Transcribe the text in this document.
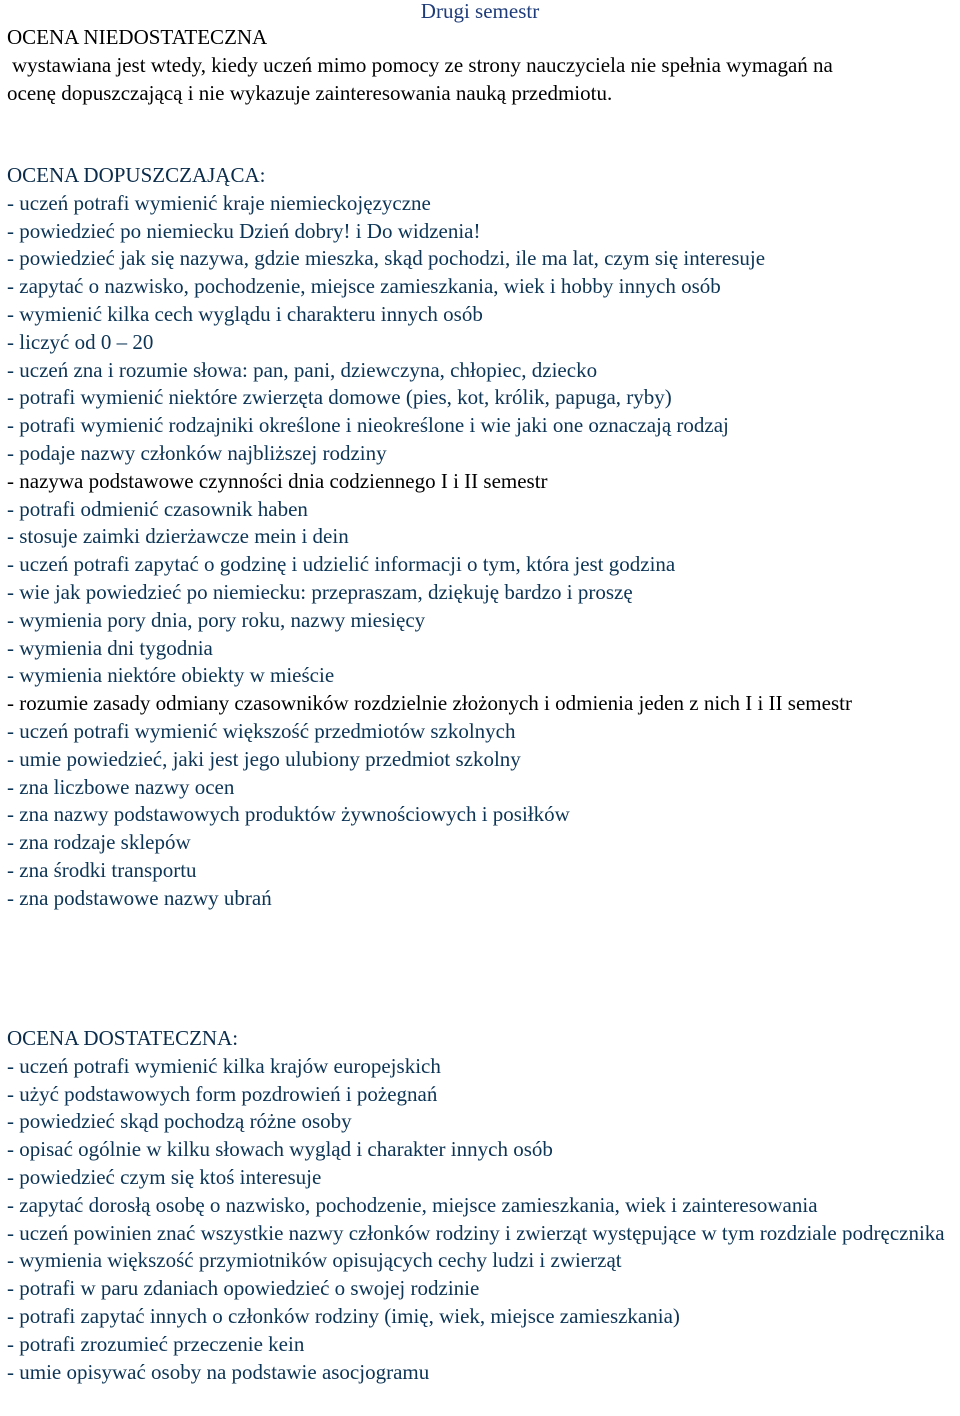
Drugi semestr
OCENA NIEDOSTATECZNA
wystawiana jest wtedy, kiedy uczeń mimo pomocy ze strony nauczyciela nie spełnia wymagań na
ocenę dopuszczającą i nie wykazuje zainteresowania nauką przedmiotu.
OCENA DOPUSZCZAJĄCA:
- uczeń potrafi wymienić kraje niemieckojęzyczne
- powiedzieć po niemiecku Dzień dobry! i Do widzenia!
- powiedzieć jak się nazywa, gdzie mieszka, skąd pochodzi, ile ma lat, czym się interesuje
- zapytać o nazwisko, pochodzenie, miejsce zamieszkania, wiek i hobby innych osób
- wymienić kilka cech wyglądu i charakteru innych osób
- liczyć od 0 – 20
- uczeń zna i rozumie słowa: pan, pani, dziewczyna, chłopiec, dziecko
- potrafi wymienić niektóre zwierzęta domowe (pies, kot, królik, papuga, ryby)
- potrafi wymienić rodzajniki określone i nieokreślone i wie jaki one oznaczają rodzaj
- podaje nazwy członków najbliższej rodziny
- nazywa podstawowe czynności dnia codziennego I i II semestr
- potrafi odmienić czasownik haben
- stosuje zaimki dzierżawcze mein i dein
- uczeń potrafi zapytać o godzinę i udzielić informacji o tym, która jest godzina
- wie jak powiedzieć po niemiecku: przepraszam, dziękuję bardzo i proszę
- wymienia pory dnia, pory roku, nazwy miesięcy
- wymienia dni tygodnia
- wymienia niektóre obiekty w mieście
- rozumie zasady odmiany czasowników rozdzielnie złożonych i odmienia jeden z nich I i II semestr
- uczeń potrafi wymienić większość przedmiotów szkolnych
- umie powiedzieć, jaki jest jego ulubiony przedmiot szkolny
- zna liczbowe nazwy ocen
- zna nazwy podstawowych produktów żywnościowych i posiłków
- zna rodzaje sklepów
- zna środki transportu
- zna podstawowe nazwy ubrań
OCENA DOSTATECZNA:
- uczeń potrafi wymienić kilka krajów europejskich
- użyć podstawowych form pozdrowień i pożegnań
- powiedzieć skąd pochodzą różne osoby
- opisać ogólnie w kilku słowach wygląd i charakter innych osób
- powiedzieć czym się ktoś interesuje
- zapytać dorosłą osobę o nazwisko, pochodzenie, miejsce zamieszkania, wiek i zainteresowania
- uczeń powinien znać wszystkie nazwy członków rodziny i zwierząt występujące w tym rozdziale podręcznika
- wymienia większość przymiotników opisujących cechy ludzi i zwierząt
- potrafi w paru zdaniach opowiedzieć o swojej rodzinie
- potrafi zapytać innych o członków rodziny (imię, wiek, miejsce zamieszkania)
- potrafi zrozumieć przeczenie kein
- umie opisywać osoby na podstawie asocjogramu
